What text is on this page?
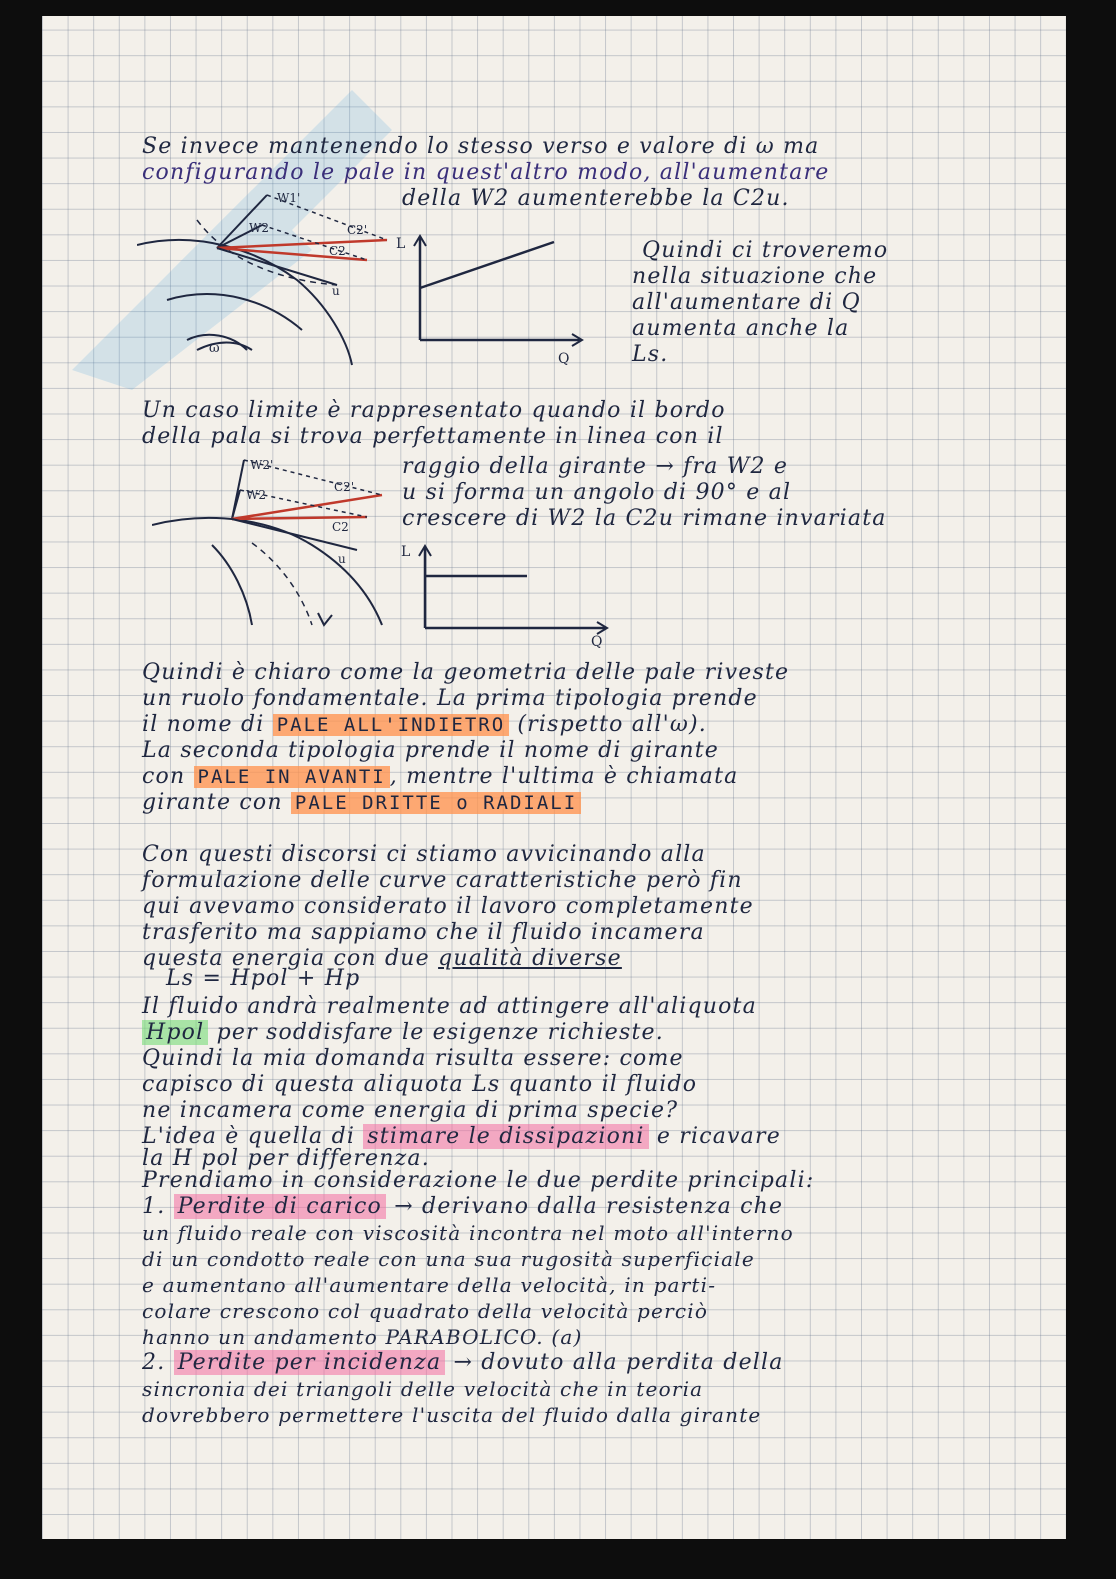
Se invece mantenendo lo stesso verso e valore di ω ma
configurando le pale in quest'altro modo, all'aumentare
della W2 aumenterebbe la C2u.
W1'
W2	C2'
C2
u
ω
L
Q
Quindi ci troveremo
nella situazione che
all'aumentare di Q
aumenta anche la
Ls.
Un caso limite è rappresentato quando il bordo
della pala si trova perfettamente in linea con il
raggio della girante → fra W2 e
u si forma un angolo di 90° e al
crescere di W2 la C2u rimane invariata
W2'
W2
C2'
C2
u	L
Q
Quindi è chiaro come la geometria delle pale riveste
un ruolo fondamentale. La prima tipologia prende
il nome di PALE ALL'INDIETRO (rispetto all'ω).
La seconda tipologia prende il nome di girante
con PALE IN AVANTI , mentre l'ultima è chiamata
girante con PALE DRITTE o RADIALI
Con questi discorsi ci stiamo avvicinando alla
formulazione delle curve caratteristiche però fin
qui avevamo considerato il lavoro completamente
trasferito ma sappiamo che il fluido incamera
questa energia con due qualità diverse
Ls = Hpol + Hp
Il fluido andrà realmente ad attingere all'aliquota
Hpol per soddisfare le esigenze richieste.
Quindi la mia domanda risulta essere: come
capisco di questa aliquota Ls quanto il fluido
ne incamera come energia di prima specie?
L'idea è quella di stimare le dissipazioni e ricavare
la H pol per differenza.
Prendiamo in considerazione le due perdite principali:
1. Perdite di carico → derivano dalla resistenza che
un fluido reale con viscosità incontra nel moto all'interno
di un condotto reale con una sua rugosità superficiale
e aumentano all'aumentare della velocità, in parti-
colare crescono col quadrato della velocità perciò
hanno un andamento PARABOLICO. (a)
2. Perdite per incidenza → dovuto alla perdita della
sincronia dei triangoli delle velocità che in teoria
dovrebbero permettere l'uscita del fluido dalla girante
